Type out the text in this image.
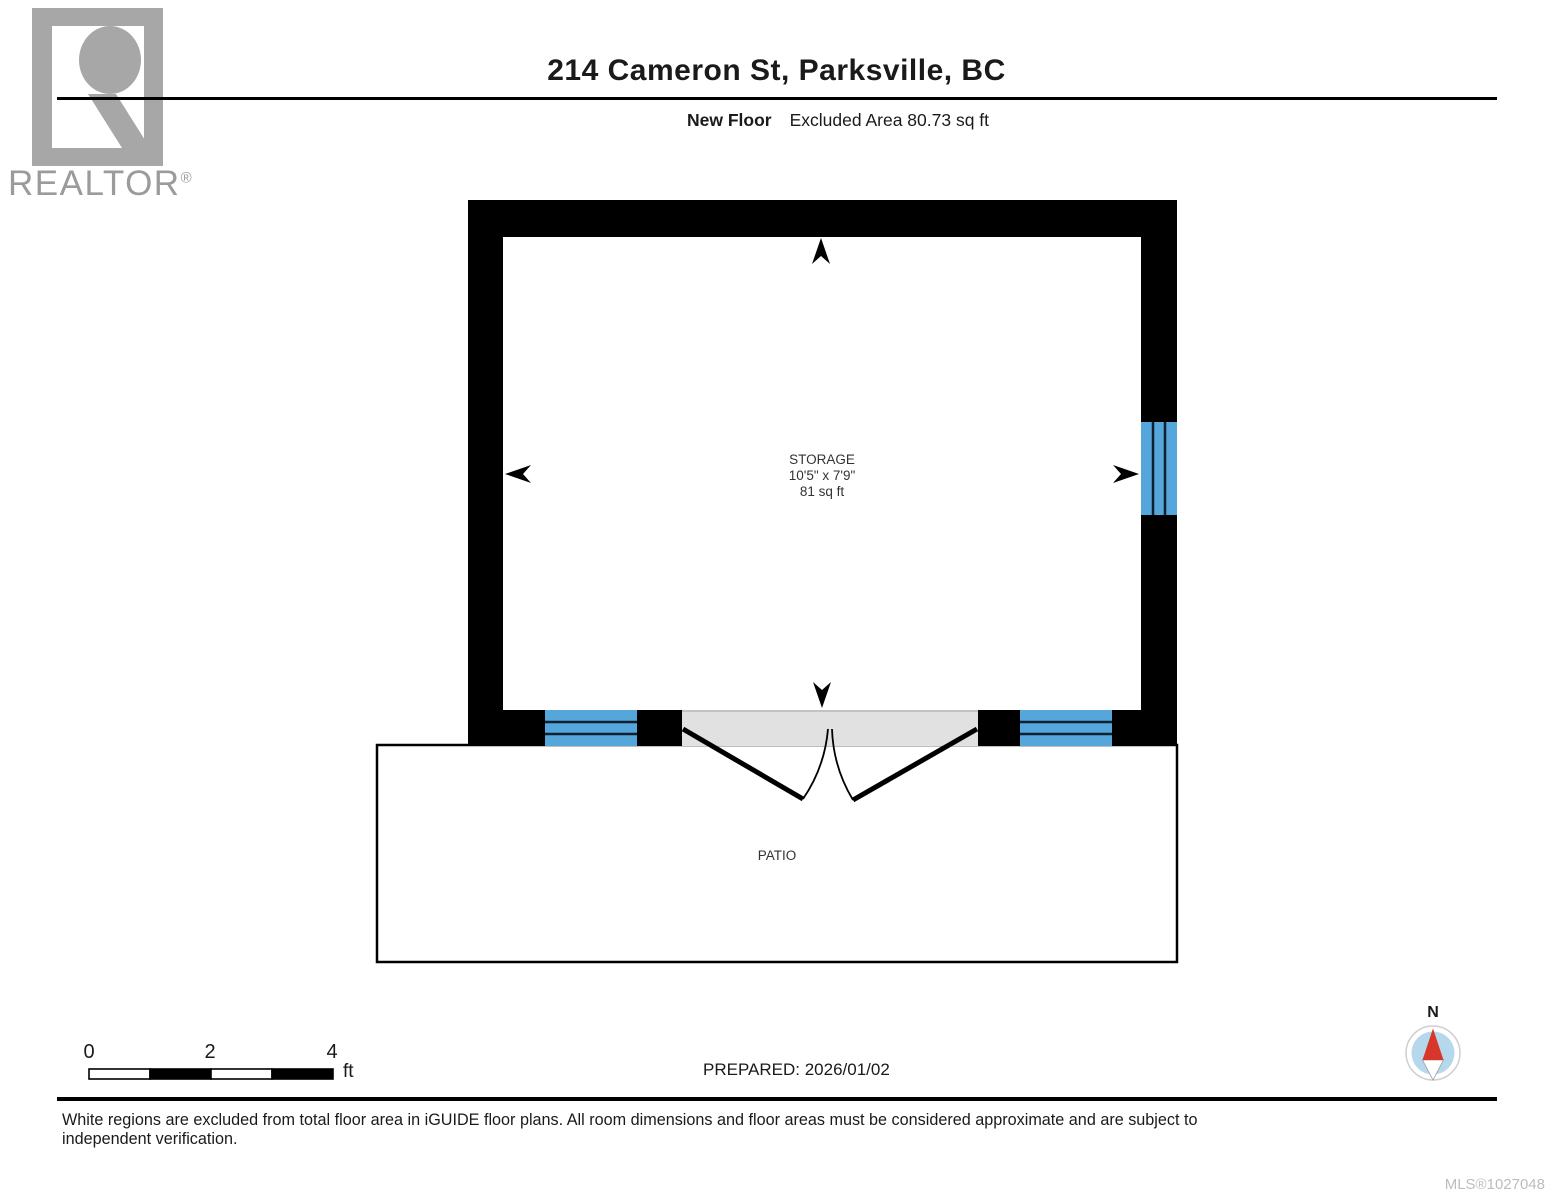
REALTOR®
214 Cameron St, Parksville, BC
New Floor Excluded Area 80.73 sq ft
STORAGE
10'5" x 7'9"
81 sq ft
PATIO
0	2	4
ft	PREPARED: 2026/01/02
N
White regions are excluded from total floor area in iGUIDE floor plans. All room dimensions and floor areas must be considered approximate and are subject to independent verification.
MLS®1027048
